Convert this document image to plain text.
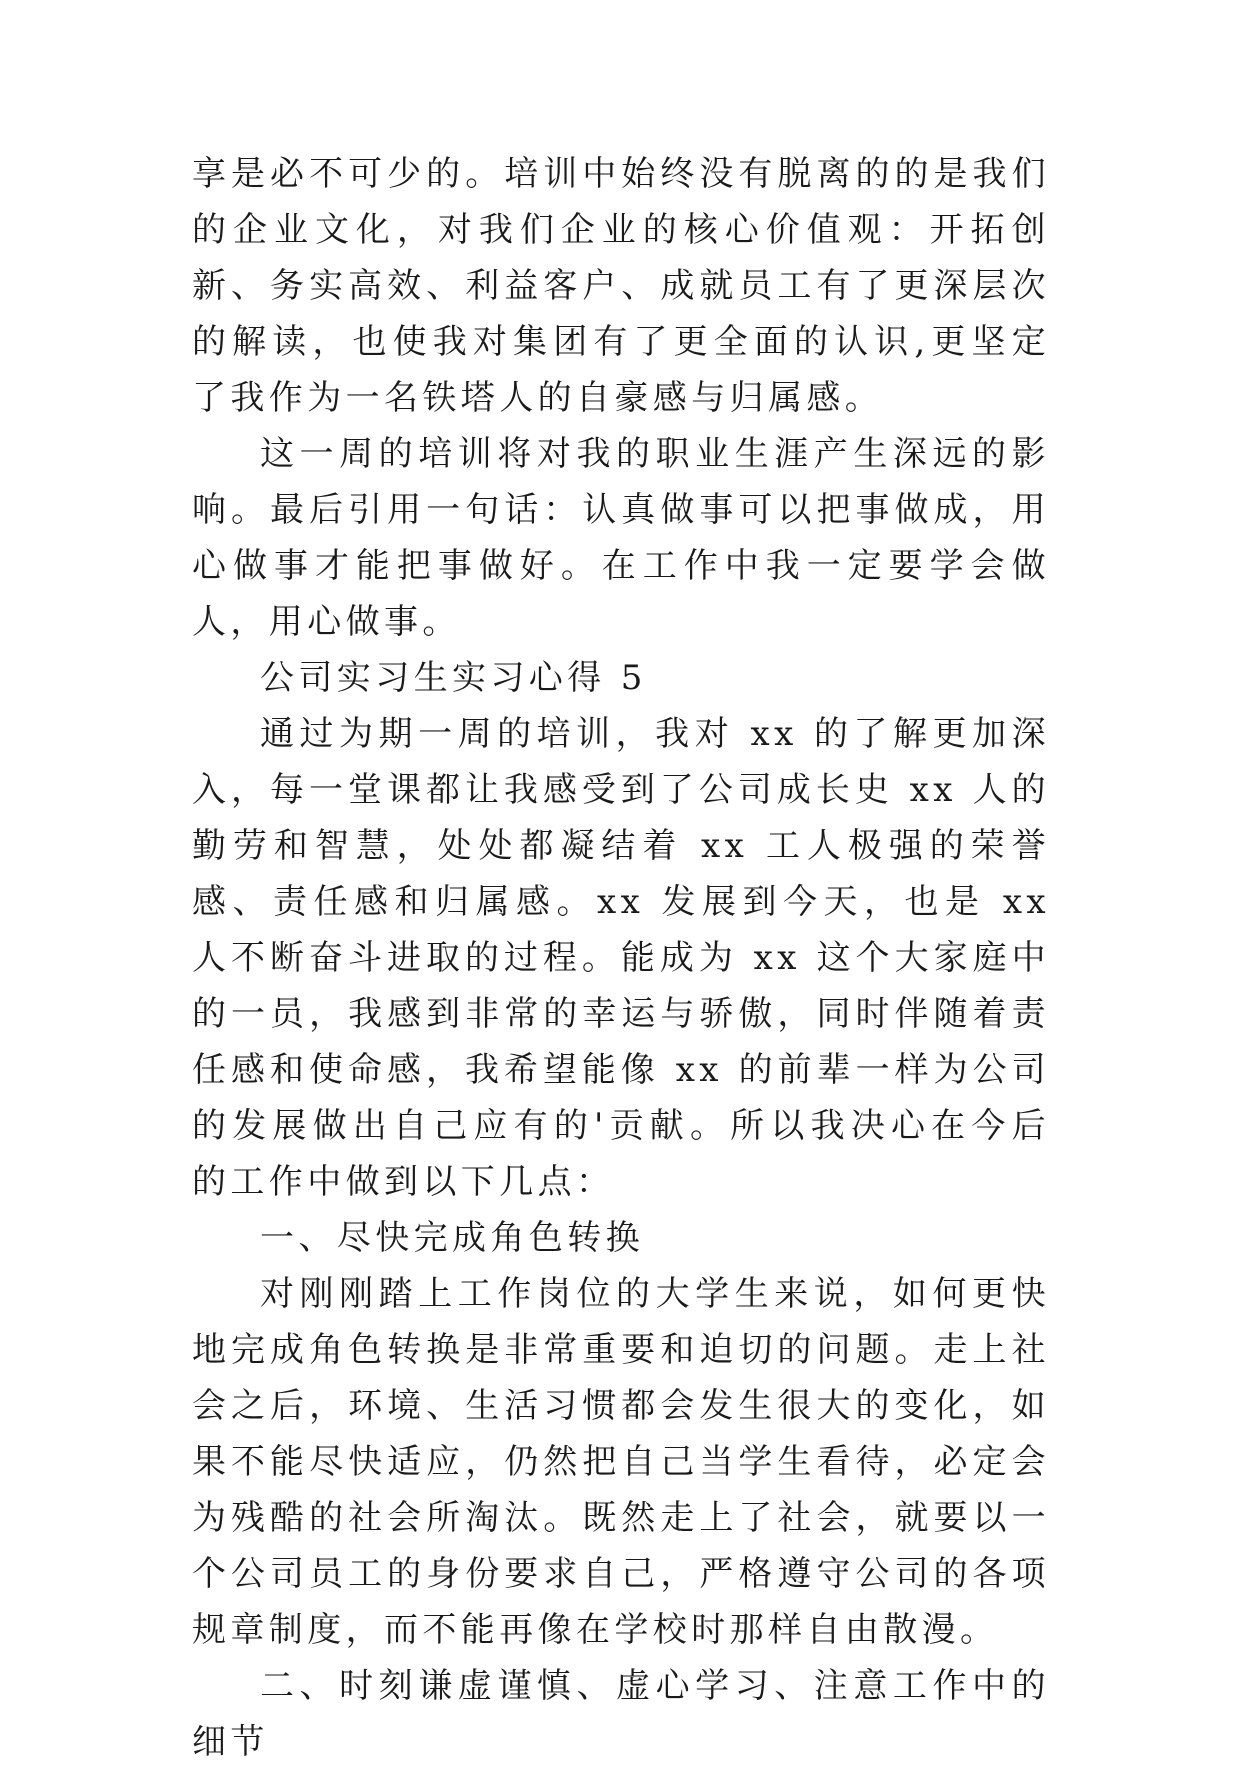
享是必不可少的。培训中始终没有脱离的的是我们的企业文化，对我们企业的核心价值观：开拓创新、务实高效、利益客户、成就员工有了更深层次的解读，也使我对集团有了更全面的认识,更坚定了我作为一名铁塔人的自豪感与归属感。

这一周的培训将对我的职业生涯产生深远的影响。最后引用一句话：认真做事可以把事做成，用心做事才能把事做好。在工作中我一定要学会做人，用心做事。

公司实习生实习心得 5

通过为期一周的培训，我对 xx 的了解更加深入，每一堂课都让我感受到了公司成长史 xx 人的勤劳和智慧，处处都凝结着 xx 工人极强的荣誉感、责任感和归属感。xx 发展到今天，也是 xx 人不断奋斗进取的过程。能成为 xx 这个大家庭中的一员，我感到非常的幸运与骄傲，同时伴随着责任感和使命感，我希望能像 xx 的前辈一样为公司的发展做出自己应有的'贡献。所以我决心在今后的工作中做到以下几点：

一、尽快完成角色转换

对刚刚踏上工作岗位的大学生来说，如何更快地完成角色转换是非常重要和迫切的问题。走上社会之后，环境、生活习惯都会发生很大的变化，如果不能尽快适应，仍然把自己当学生看待，必定会为残酷的社会所淘汰。既然走上了社会，就要以一个公司员工的身份要求自己，严格遵守公司的各项规章制度，而不能再像在学校时那样自由散漫。

二、时刻谦虚谨慎、虚心学习、注意工作中的细节
